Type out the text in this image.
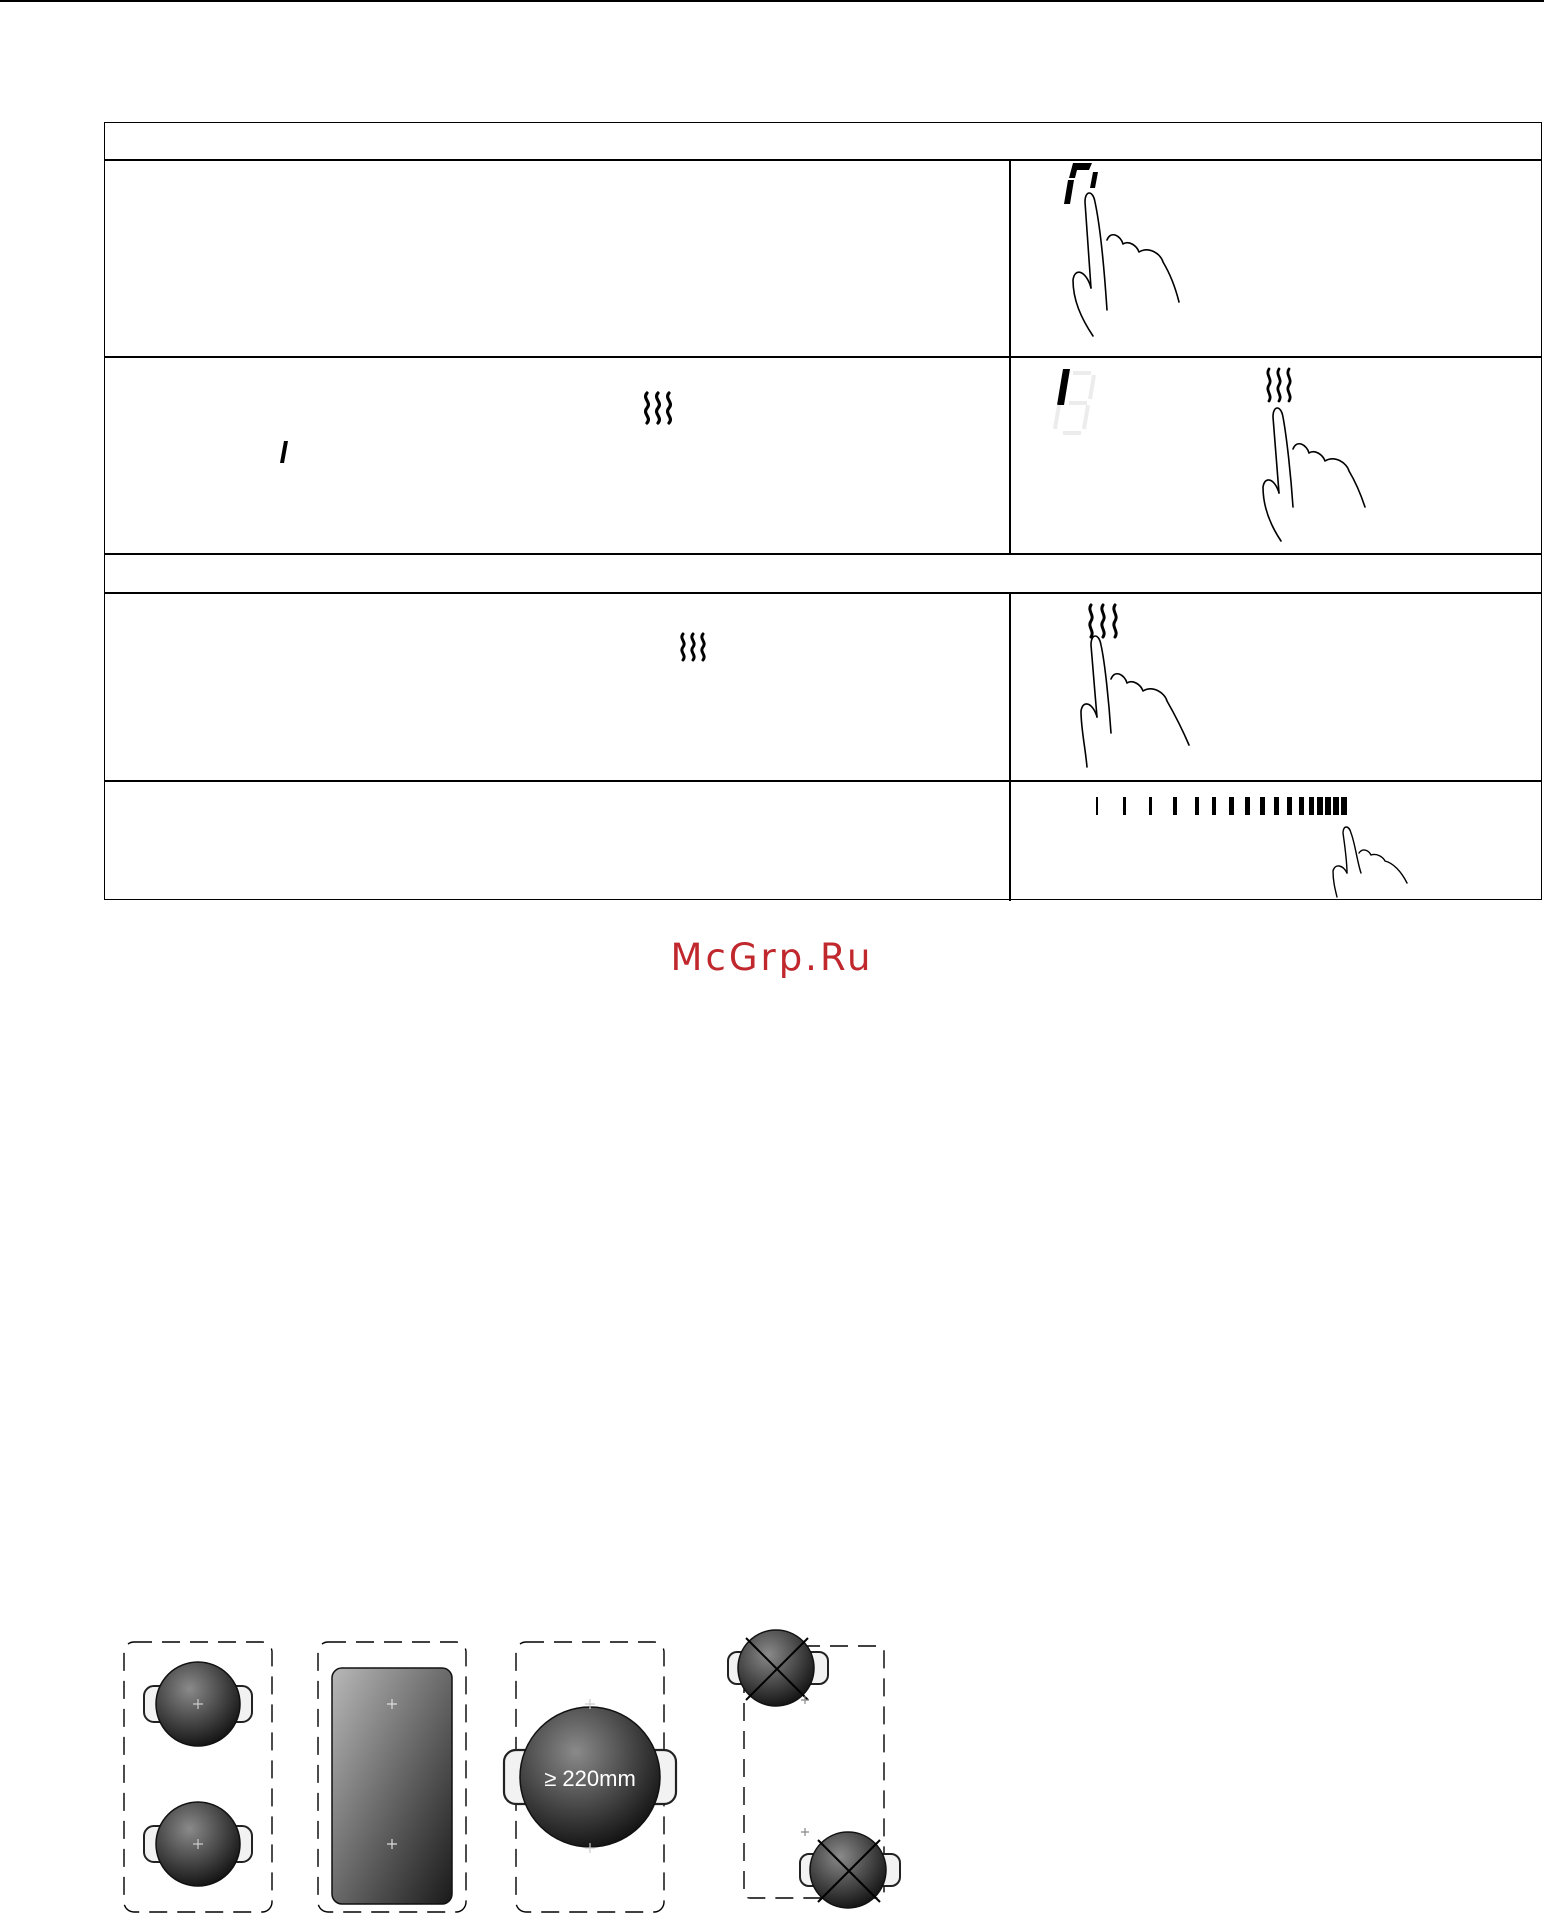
McGrp.Ru
≥ 220mm
